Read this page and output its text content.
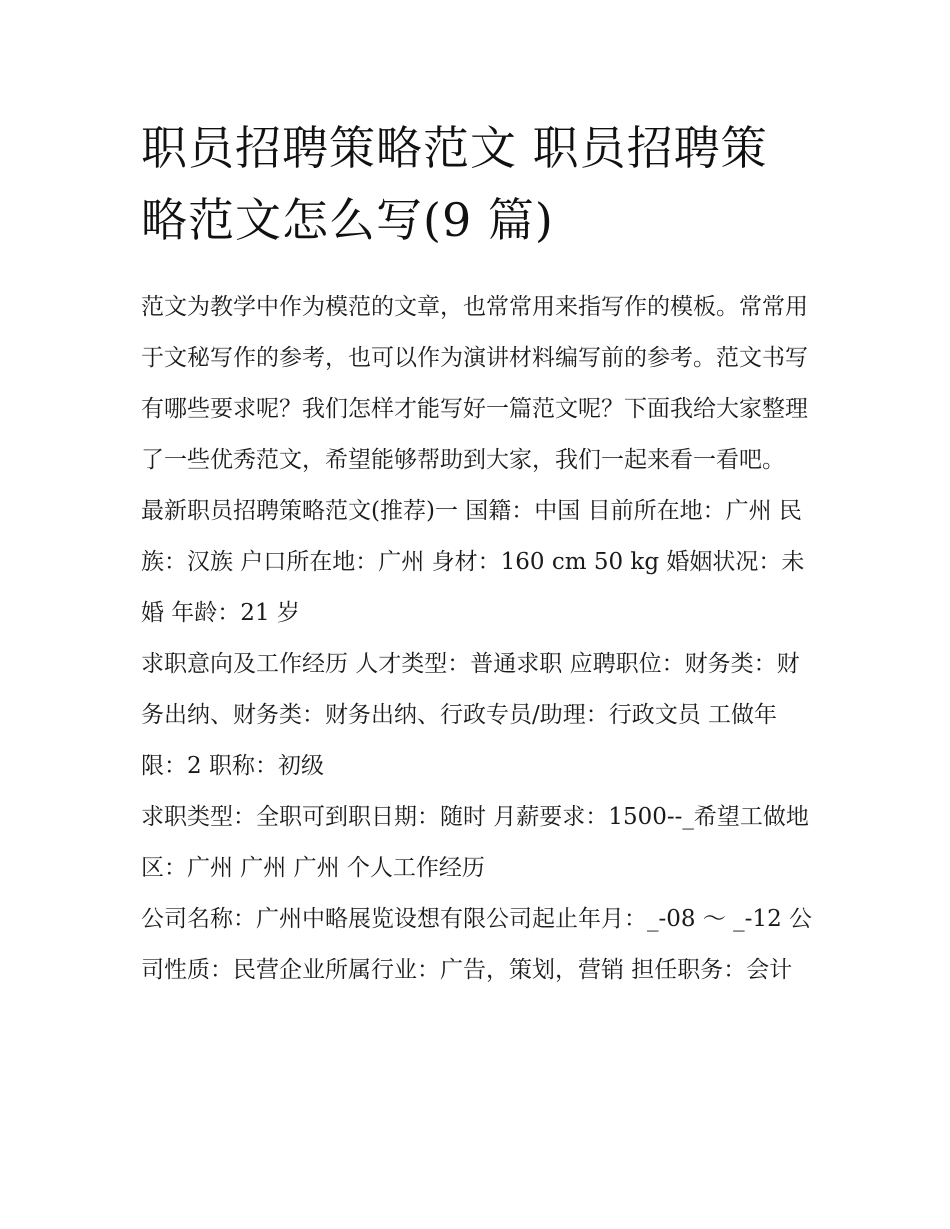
职员招聘策略范文 职员招聘策略范文怎么写(9 篇)

范文为教学中作为模范的文章，也常常用来指写作的模板。常常用于文秘写作的参考，也可以作为演讲材料编写前的参考。范文书写有哪些要求呢？我们怎样才能写好一篇范文呢？下面我给大家整理了一些优秀范文，希望能够帮助到大家，我们一起来看一看吧。

最新职员招聘策略范文(推荐)一 国籍：中国 目前所在地：广州 民族：汉族 户口所在地：广州 身材：160 cm 50 kg 婚姻状况：未婚 年龄：21 岁

求职意向及工作经历 人才类型：普通求职 应聘职位：财务类：财务出纳、财务类：财务出纳、行政专员/助理：行政文员 工做年限：2 职称：初级

求职类型：全职可到职日期：随时 月薪要求：1500--_希望工做地区：广州 广州 广州 个人工作经历

公司名称：广州中略展览设想有限公司起止年月：_-08 ～ _-12 公司性质：民营企业所属行业：广告，策划，营销 担任职务：会计
